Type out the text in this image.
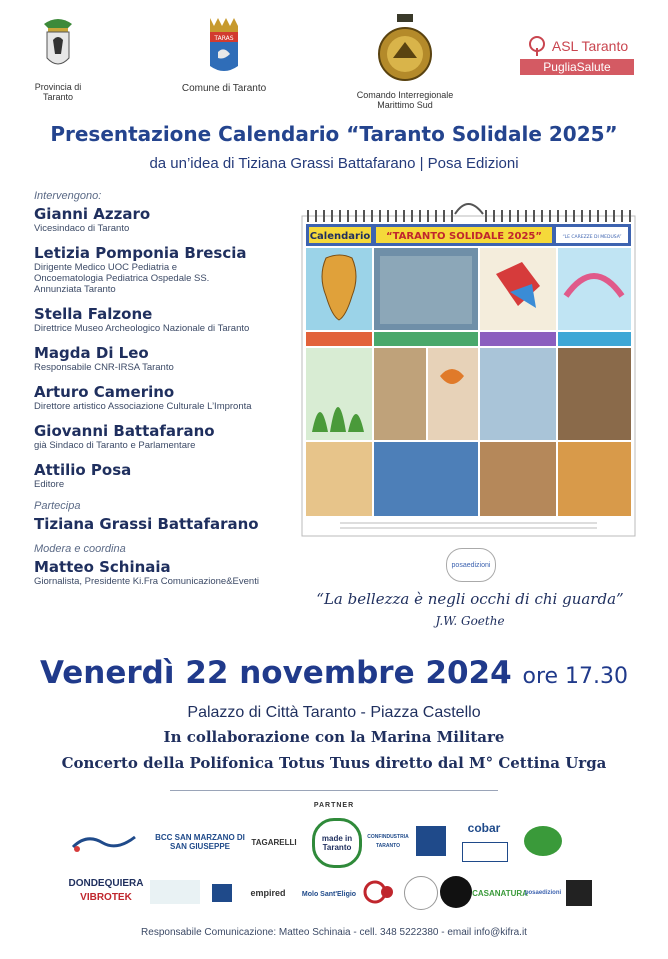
Provincia di Taranto
TARAS
Comune di Taranto
Comando Interregionale Marittimo Sud
ASL Taranto
PugliaSalute
Presentazione Calendario “Taranto Solidale 2025”
da un’idea di Tiziana Grassi Battafarano | Posa Edizioni
Intervengono:
Gianni Azzaro
Vicesindaco di Taranto
Letizia Pomponia Brescia
Dirigente Medico UOC Pediatria e Oncoematologia Pediatrica Ospedale SS. Annunziata Taranto
Stella Falzone
Direttrice Museo Archeologico Nazionale di Taranto
Magda Di Leo
Responsabile CNR-IRSA Taranto
Arturo Camerino
Direttore artistico Associazione Culturale L’Impronta
Giovanni Battafarano
già Sindaco di Taranto e Parlamentare
Attilio Posa
Editore
Partecipa
Tiziana Grassi Battafarano
Modera e coordina
Matteo Schinaia
Giornalista, Presidente Ki.Fra Comunicazione&Eventi
Calendario “TARANTO SOLIDALE 2025”	“LE CAREZZE DI MEDUSA”
posaedizioni
“La bellezza è negli occhi di chi guarda”
J.W. Goethe
Venerdì 22 novembre 2024 ore 17.30
Palazzo di Città Taranto - Piazza Castello
In collaborazione con la Marina Militare
Concerto della Polifonica Totus Tuus diretto dal M° Cettina Urga
PARTNER
BCC SAN MARZANO DI SAN GIUSEPPE	TAGARELLI	made in Taranto
CONFINDUSTRIA TARANTO
cobar
DONDEQUIERA
VIBROTEK	empired	Molo Sant'Eligio	CASANATURA
posaedizioni
Responsabile Comunicazione: Matteo Schinaia - cell. 348 5222380 - email info@kifra.it
